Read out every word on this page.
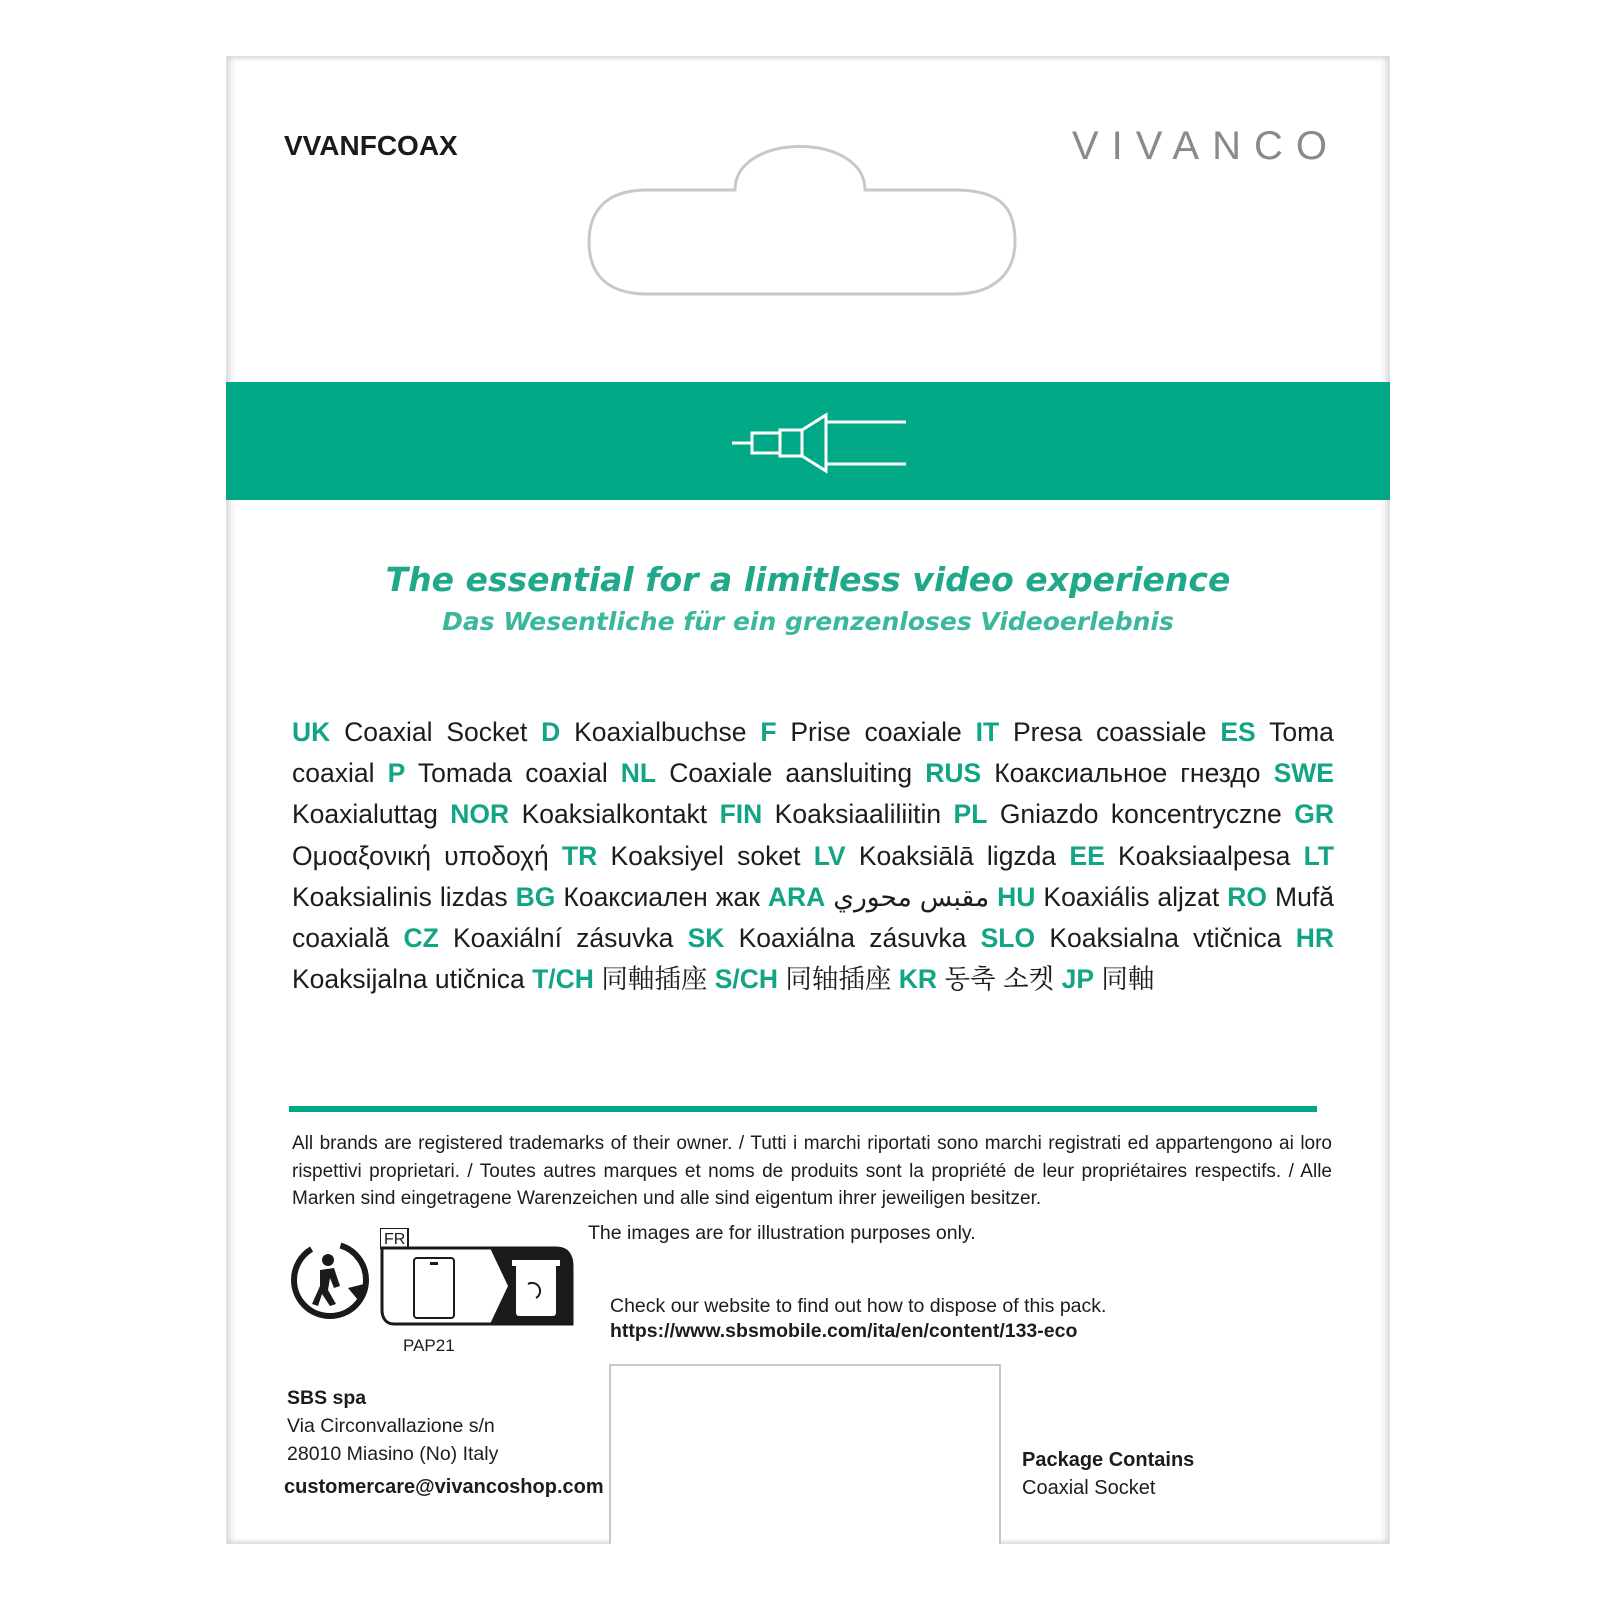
VVANFCOAX	VIVANCO
The essential for a limitless video experience
Das Wesentliche für ein grenzenloses Videoerlebnis
UK Coaxial Socket D Koaxialbuchse F Prise coaxiale IT Presa coassiale ES Toma coaxial P Tomada coaxial NL Coaxiale aansluiting RUS Коаксиальное гнездо SWE Koaxialuttag NOR Koaksialkontakt FIN Koaksiaaliliitin PL Gniazdo koncentryczne GR Ομοαξονική υποδοχή TR Koaksiyel soket LV Koaksiālā ligzda EE Koaksiaalpesa LT Koaksialinis lizdas BG Коаксиален жак ARA مقبس محوري HU Koaxiális aljzat RO Mufă coaxială CZ Koaxiální zásuvka SK Koaxiálna zásuvka SLO Koaksialna vtičnica HR Koaksijalna utičnica T/CH 同軸插座 S/CH 同轴插座 KR 동축 소켓 JP 同軸
All brands are registered trademarks of their owner. / Tutti i marchi riportati sono marchi registrati ed appartengono ai loro rispettivi proprietari. / Toutes autres marques et noms de produits sont la propriété de leur propriétaires respectifs. / Alle Marken sind eingetragene Warenzeichen und alle sind eigentum ihrer jeweiligen besitzer.
The images are for illustration purposes only.
FR
PAP21
Check our website to find out how to dispose of this pack.
https://www.sbsmobile.com/ita/en/content/133-eco
SBS spa
Via Circonvallazione s/n
28010 Miasino (No) Italy
customercare@vivancoshop.com
Package Contains
Coaxial Socket
